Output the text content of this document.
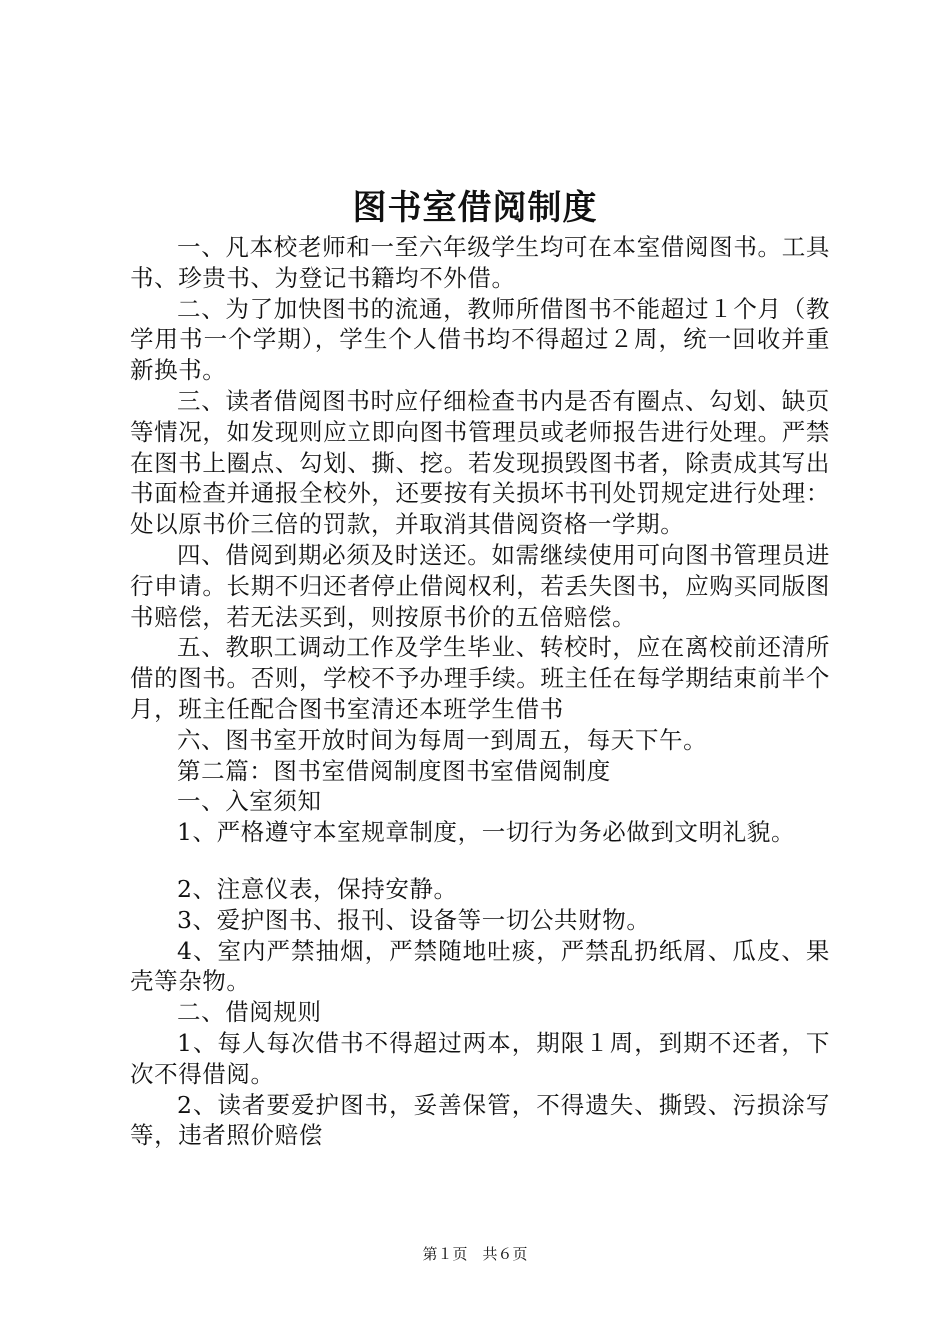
图书室借阅制度

一、凡本校老师和一至六年级学生均可在本室借阅图书。工具书、珍贵书、为登记书籍均不外借。

二、为了加快图书的流通，教师所借图书不能超过１个月（教学用书一个学期），学生个人借书均不得超过２周，统一回收并重新换书。

三、读者借阅图书时应仔细检查书内是否有圈点、勾划、缺页等情况，如发现则应立即向图书管理员或老师报告进行处理。严禁在图书上圈点、勾划、撕、挖。若发现损毁图书者，除责成其写出书面检查并通报全校外，还要按有关损坏书刊处罚规定进行处理：处以原书价三倍的罚款，并取消其借阅资格一学期。

四、借阅到期必须及时送还。如需继续使用可向图书管理员进行申请。长期不归还者停止借阅权利，若丢失图书，应购买同版图书赔偿，若无法买到，则按原书价的五倍赔偿。

五、教职工调动工作及学生毕业、转校时，应在离校前还清所借的图书。否则，学校不予办理手续。班主任在每学期结束前半个月，班主任配合图书室清还本班学生借书

六、图书室开放时间为每周一到周五，每天下午。

第二篇：图书室借阅制度图书室借阅制度

一、入室须知

1、严格遵守本室规章制度，一切行为务必做到文明礼貌。

2、注意仪表，保持安静。

3、爱护图书、报刊、设备等一切公共财物。

4、室内严禁抽烟，严禁随地吐痰，严禁乱扔纸屑、瓜皮、果壳等杂物。

二、借阅规则

1、每人每次借书不得超过两本，期限１周，到期不还者，下次不得借阅。

2、读者要爱护图书，妥善保管，不得遗失、撕毁、污损涂写等，违者照价赔偿

第１页　共６页
